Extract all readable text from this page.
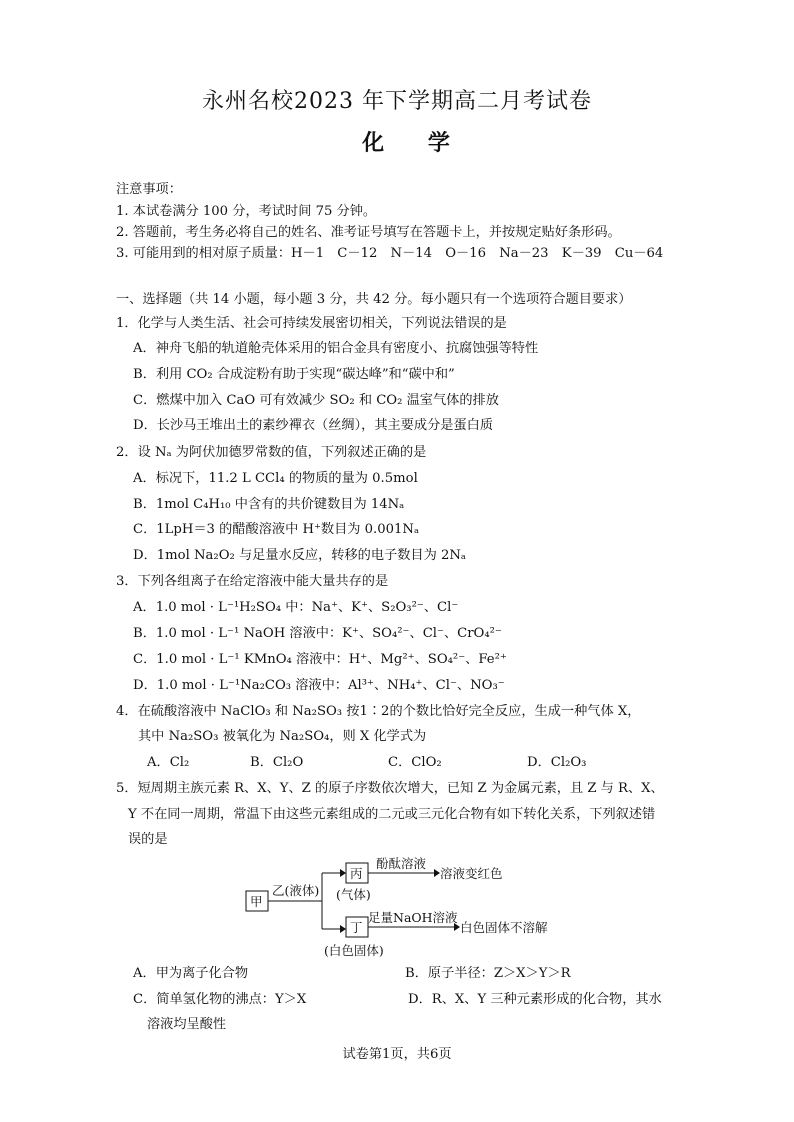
永州名校2023 年下学期高二月考试卷
化 学
注意事项：
1. 本试卷满分 100 分，考试时间 75 分钟。
2. 答题前，考生务必将自己的姓名、准考证号填写在答题卡上，并按规定贴好条形码。
3. 可能用到的相对原子质量：H－1　C－12　N－14　O－16　Na－23　K－39　Cu－64
一、选择题（共 14 小题，每小题 3 分，共 42 分。每小题只有一个选项符合题目要求）
1．化学与人类生活、社会可持续发展密切相关，下列说法错误的是
A．神舟飞船的轨道舱壳体采用的铝合金具有密度小、抗腐蚀强等特性
B．利用 CO₂ 合成淀粉有助于实现“碳达峰”和“碳中和”
C．燃煤中加入 CaO 可有效减少 SO₂ 和 CO₂ 温室气体的排放
D．长沙马王堆出土的素纱襌衣（丝绸），其主要成分是蛋白质
2．设 Nₐ 为阿伏加德罗常数的值，下列叙述正确的是
A．标况下，11.2 L CCl₄ 的物质的量为 0.5mol
B．1mol C₄H₁₀ 中含有的共价键数目为 14Nₐ
C．1LpH＝3 的醋酸溶液中 H⁺数目为 0.001Nₐ
D．1mol Na₂O₂ 与足量水反应，转移的电子数目为 2Nₐ
3．下列各组离子在给定溶液中能大量共存的是
A．1.0 mol · L⁻¹H₂SO₄ 中：Na⁺、K⁺、S₂O₃²⁻、Cl⁻
B．1.0 mol · L⁻¹ NaOH 溶液中：K⁺、SO₄²⁻、Cl⁻、CrO₄²⁻
C．1.0 mol · L⁻¹ KMnO₄ 溶液中：H⁺、Mg²⁺、SO₄²⁻、Fe²⁺
D．1.0 mol · L⁻¹Na₂CO₃ 溶液中：Al³⁺、NH₄⁺、Cl⁻、NO₃⁻
4．在硫酸溶液中 NaClO₃ 和 Na₂SO₃ 按1∶2的个数比恰好完全反应，生成一种气体 X，
其中 Na₂SO₃ 被氧化为 Na₂SO₄，则 X 化学式为
A．Cl₂	B．Cl₂O	C．ClO₂	D．Cl₂O₃
5．短周期主族元素 R、X、Y、Z 的原子序数依次增大，已知 Z 为金属元素，且 Z 与 R、X、
Y 不在同一周期，常温下由这些元素组成的二元或三元化合物有如下转化关系，下列叙述错
误的是
甲
乙(液体)
丙
(气体)
酚酞溶液
溶液变红色
丁
(白色固体)
足量NaOH溶液
白色固体不溶解
A．甲为离子化合物	B．原子半径：Z＞X＞Y＞R
C．简单氢化物的沸点：Y＞X	D．R、X、Y 三种元素形成的化合物，其水
溶液均呈酸性
试卷第1页，共6页
